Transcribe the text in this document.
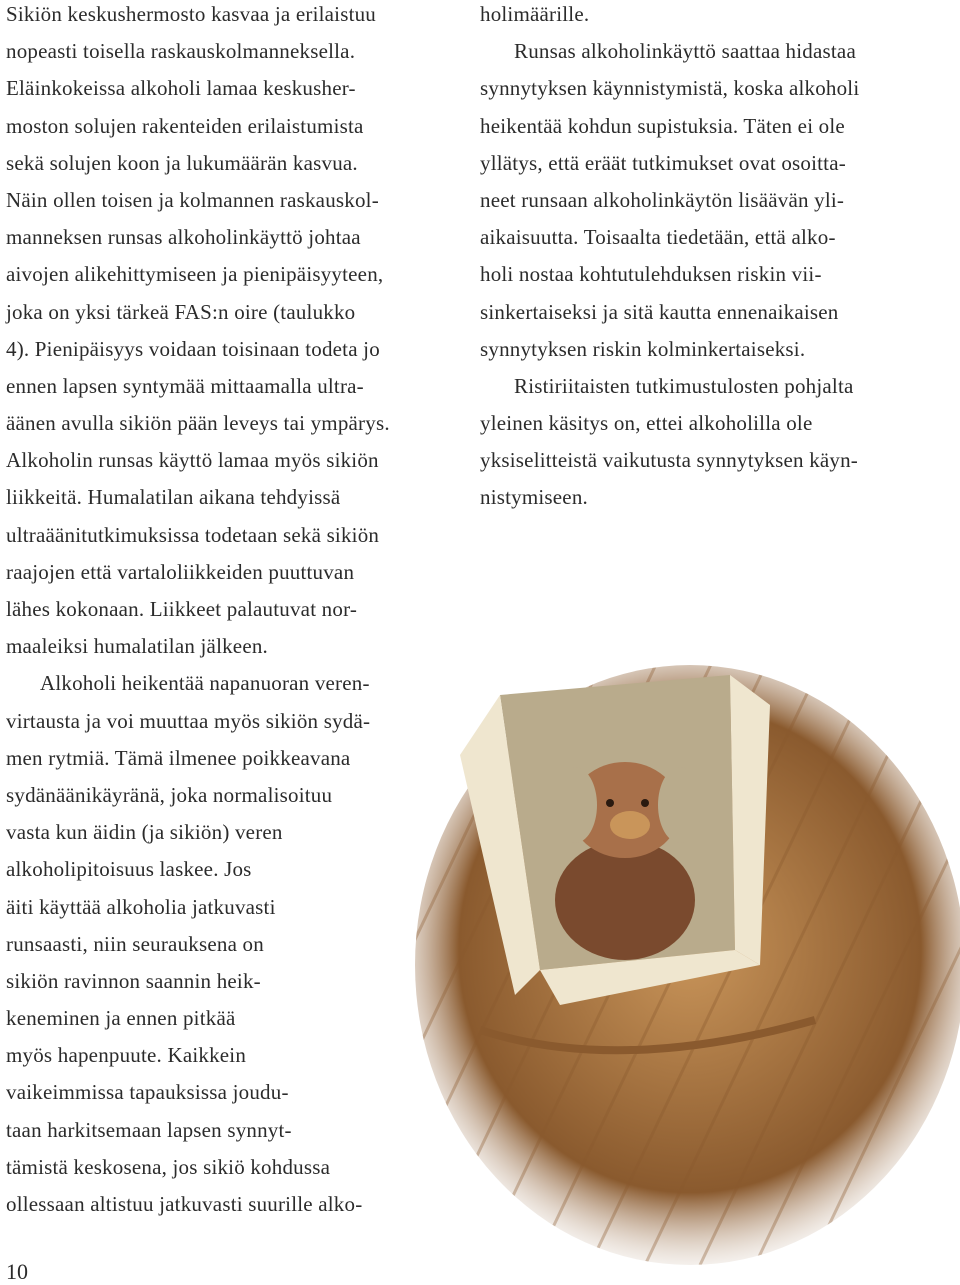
Sikiön keskushermosto kasvaa ja erilaistuu
nopeasti toisella raskauskolmanneksella.
Eläinkokeissa alkoholi lamaa keskusher-
moston solujen rakenteiden erilaistumista
sekä solujen koon ja lukumäärän kasvua.
Näin ollen toisen ja kolmannen raskauskol-
manneksen runsas alkoholinkäyttö johtaa
aivojen alikehittymiseen ja pienipäisyyteen,
joka on yksi tärkeä FAS:n oire (taulukko
4). Pienipäisyys voidaan toisinaan todeta jo
ennen lapsen syntymää mittaamalla ultra-
äänen avulla sikiön pään leveys tai ympärys.
Alkoholin runsas käyttö lamaa myös sikiön
liikkeitä. Humalatilan aikana tehdyissä
ultraäänitutkimuksissa todetaan sekä sikiön
raajojen että vartaloliikkeiden puuttuvan
lähes kokonaan. Liikkeet palautuvat nor-
maaleiksi humalatilan jälkeen.
Alkoholi heikentää napanuoran veren-
virtausta ja voi muuttaa myös sikiön sydä-
men rytmiä. Tämä ilmenee poikkeavana
sydänäänikäyränä, joka normalisoituu
vasta kun äidin (ja sikiön) veren
alkoholipitoisuus laskee. Jos
äiti käyttää alkoholia jatkuvasti
runsaasti, niin seurauksena on
sikiön ravinnon saannin heik-
keneminen ja ennen pitkää
myös hapenpuute. Kaikkein
vaikeimmissa tapauksissa joudu-
taan harkitsemaan lapsen synnyt-
tämistä keskosena, jos sikiö kohdussa
ollessaan altistuu jatkuvasti suurille alko-
holimäärille.
Runsas alkoholinkäyttö saattaa hidastaa
synnytyksen käynnistymistä, koska alkoholi
heikentää kohdun supistuksia. Täten ei ole
yllätys, että eräät tutkimukset ovat osoitta-
neet runsaan alkoholinkäytön lisäävän yli-
aikaisuutta. Toisaalta tiedetään, että alko-
holi nostaa kohtutulehduksen riskin vii-
sinkertaiseksi ja sitä kautta ennenaikaisen
synnytyksen riskin kolminkertaiseksi.
Ristiriitaisten tutkimustulosten pohjalta
yleinen käsitys on, ettei alkoholilla ole
yksiselitteistä vaikutusta synnytyksen käyn-
nistymiseen.
10
